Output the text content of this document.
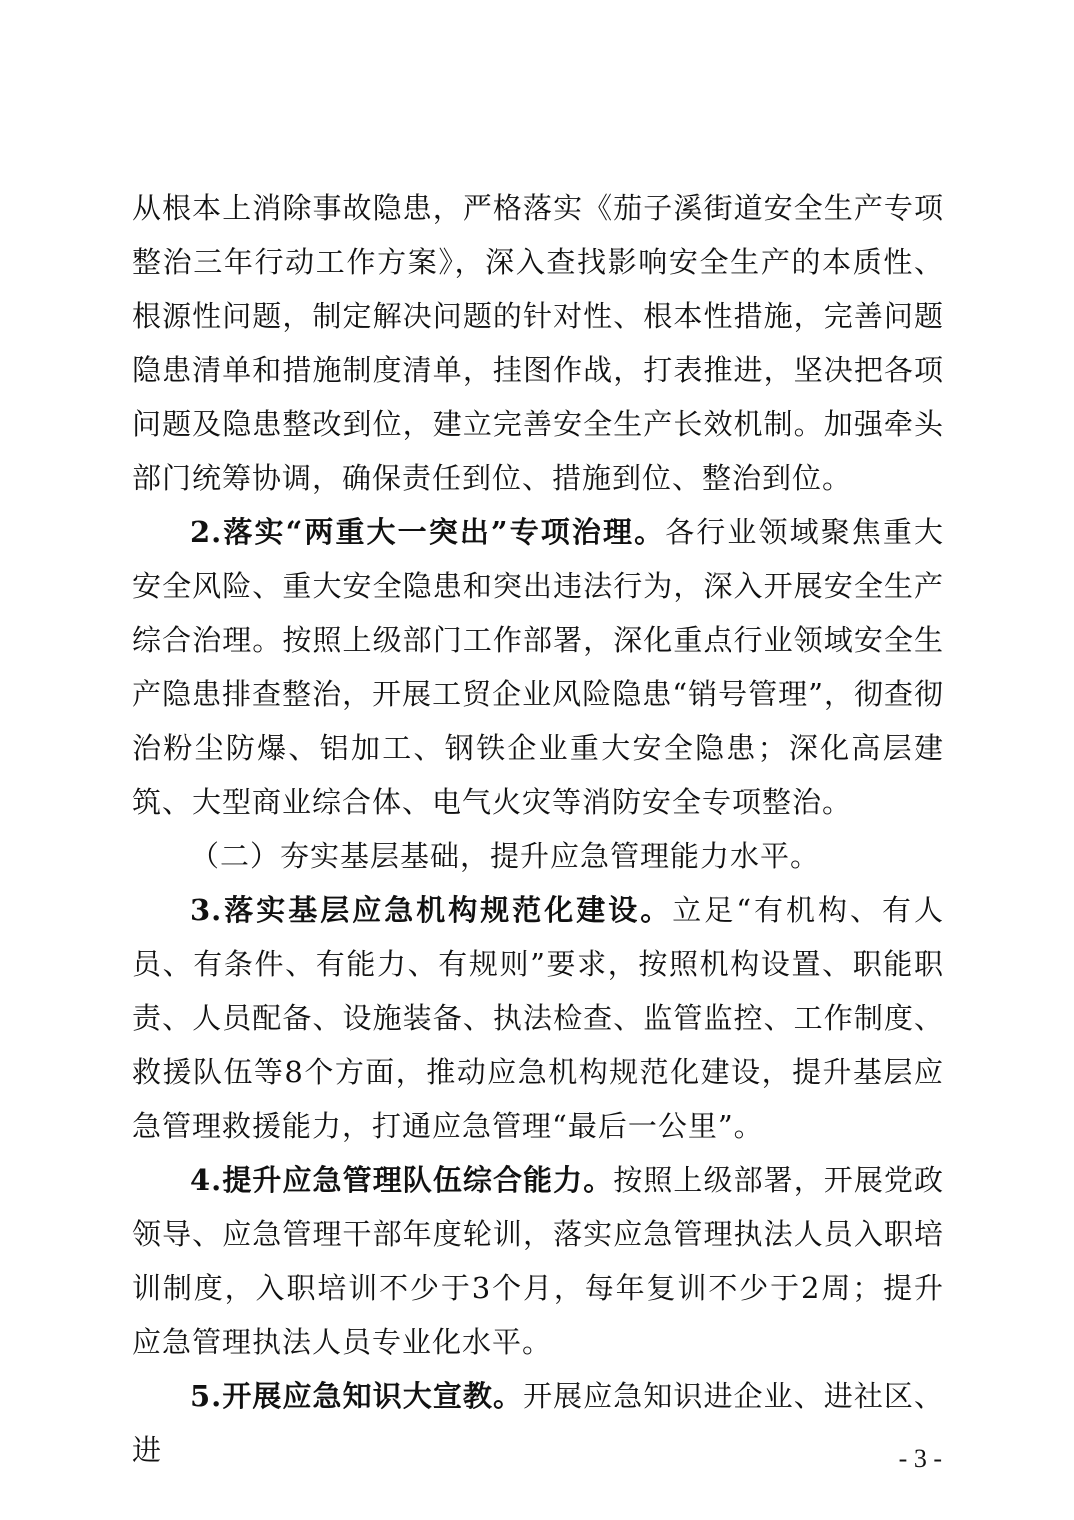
从根本上消除事故隐患，严格落实《茄子溪街道安全生产专项整治三年行动工作方案》，深入查找影响安全生产的本质性、根源性问题，制定解决问题的针对性、根本性措施，完善问题隐患清单和措施制度清单，挂图作战，打表推进，坚决把各项问题及隐患整改到位，建立完善安全生产长效机制。加强牵头部门统筹协调，确保责任到位、措施到位、整治到位。

2.落实“两重大一突出”专项治理。各行业领域聚焦重大安全风险、重大安全隐患和突出违法行为，深入开展安全生产综合治理。按照上级部门工作部署，深化重点行业领域安全生产隐患排查整治，开展工贸企业风险隐患“销号管理”，彻查彻治粉尘防爆、铝加工、钢铁企业重大安全隐患；深化高层建筑、大型商业综合体、电气火灾等消防安全专项整治。

（二）夯实基层基础，提升应急管理能力水平。

3.落实基层应急机构规范化建设。立足“有机构、有人员、有条件、有能力、有规则”要求，按照机构设置、职能职责、人员配备、设施装备、执法检查、监管监控、工作制度、救援队伍等8个方面，推动应急机构规范化建设，提升基层应急管理救援能力，打通应急管理“最后一公里”。

4.提升应急管理队伍综合能力。按照上级部署，开展党政领导、应急管理干部年度轮训，落实应急管理执法人员入职培训制度，入职培训不少于3个月，每年复训不少于2周；提升应急管理执法人员专业化水平。

5.开展应急知识大宣教。开展应急知识进企业、进社区、进	- 3 -
